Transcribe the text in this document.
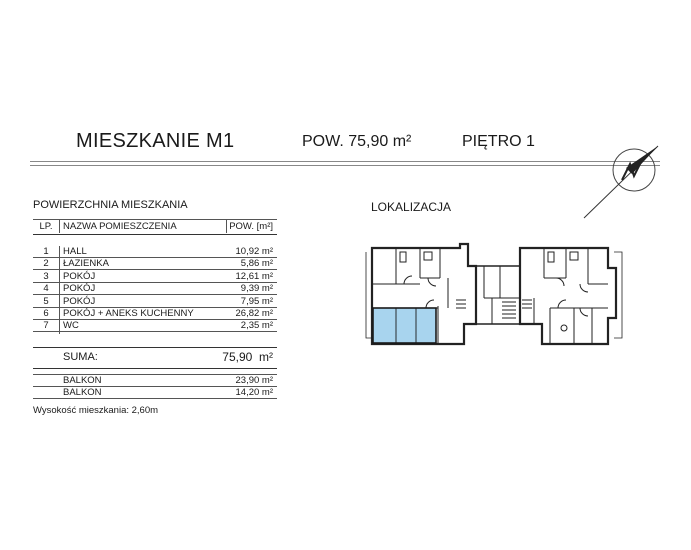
MIESZKANIE M1	POW. 75,90 m²	PIĘTRO 1
POWIERZCHNIA MIESZKANIA
LP.	NAZWA POMIESZCZENIA	POW. [m²]
1	HALL	10,92 m²
2	ŁAZIENKA	5,86 m²
3	POKÓJ	12,61 m²
4	POKÓJ	9,39 m²
5	POKÓJ	7,95 m²
6	POKÓJ + ANEKS KUCHENNY	26,82 m²
7	WC	2,35 m²
SUMA:	75,90 m²
BALKON	23,90 m²
BALKON	14,20 m²
Wysokość mieszkania: 2,60m
LOKALIZACJA
